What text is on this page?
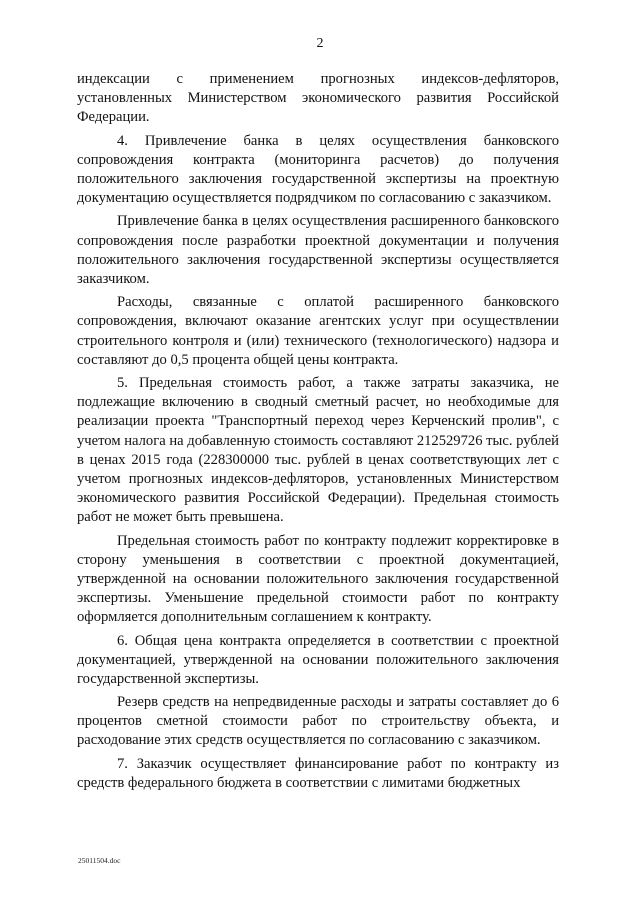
2

индексации с применением прогнозных индексов-дефляторов, установленных Министерством экономического развития Российской Федерации.

4. Привлечение банка в целях осуществления банковского сопровождения контракта (мониторинга расчетов) до получения положительного заключения государственной экспертизы на проектную документацию осуществляется подрядчиком по согласованию с заказчиком.

Привлечение банка в целях осуществления расширенного банковского сопровождения после разработки проектной документации и получения положительного заключения государственной экспертизы осуществляется заказчиком.

Расходы, связанные с оплатой расширенного банковского сопровождения, включают оказание агентских услуг при осуществлении строительного контроля и (или) технического (технологического) надзора и составляют до 0,5 процента общей цены контракта.

5. Предельная стоимость работ, а также затраты заказчика, не подлежащие включению в сводный сметный расчет, но необходимые для реализации проекта "Транспортный переход через Керченский пролив", с учетом налога на добавленную стоимость составляют 212529726 тыс. рублей в ценах 2015 года (228300000 тыс. рублей в ценах соответствующих лет с учетом прогнозных индексов-дефляторов, установленных Министерством экономического развития Российской Федерации). Предельная стоимость работ не может быть превышена.

Предельная стоимость работ по контракту подлежит корректировке в сторону уменьшения в соответствии с проектной документацией, утвержденной на основании положительного заключения государственной экспертизы. Уменьшение предельной стоимости работ по контракту оформляется дополнительным соглашением к контракту.

6. Общая цена контракта определяется в соответствии с проектной документацией, утвержденной на основании положительного заключения государственной экспертизы.

Резерв средств на непредвиденные расходы и затраты составляет до 6 процентов сметной стоимости работ по строительству объекта, и расходование этих средств осуществляется по согласованию с заказчиком.

7. Заказчик осуществляет финансирование работ по контракту из средств федерального бюджета в соответствии с лимитами бюджетных

25011504.doc
